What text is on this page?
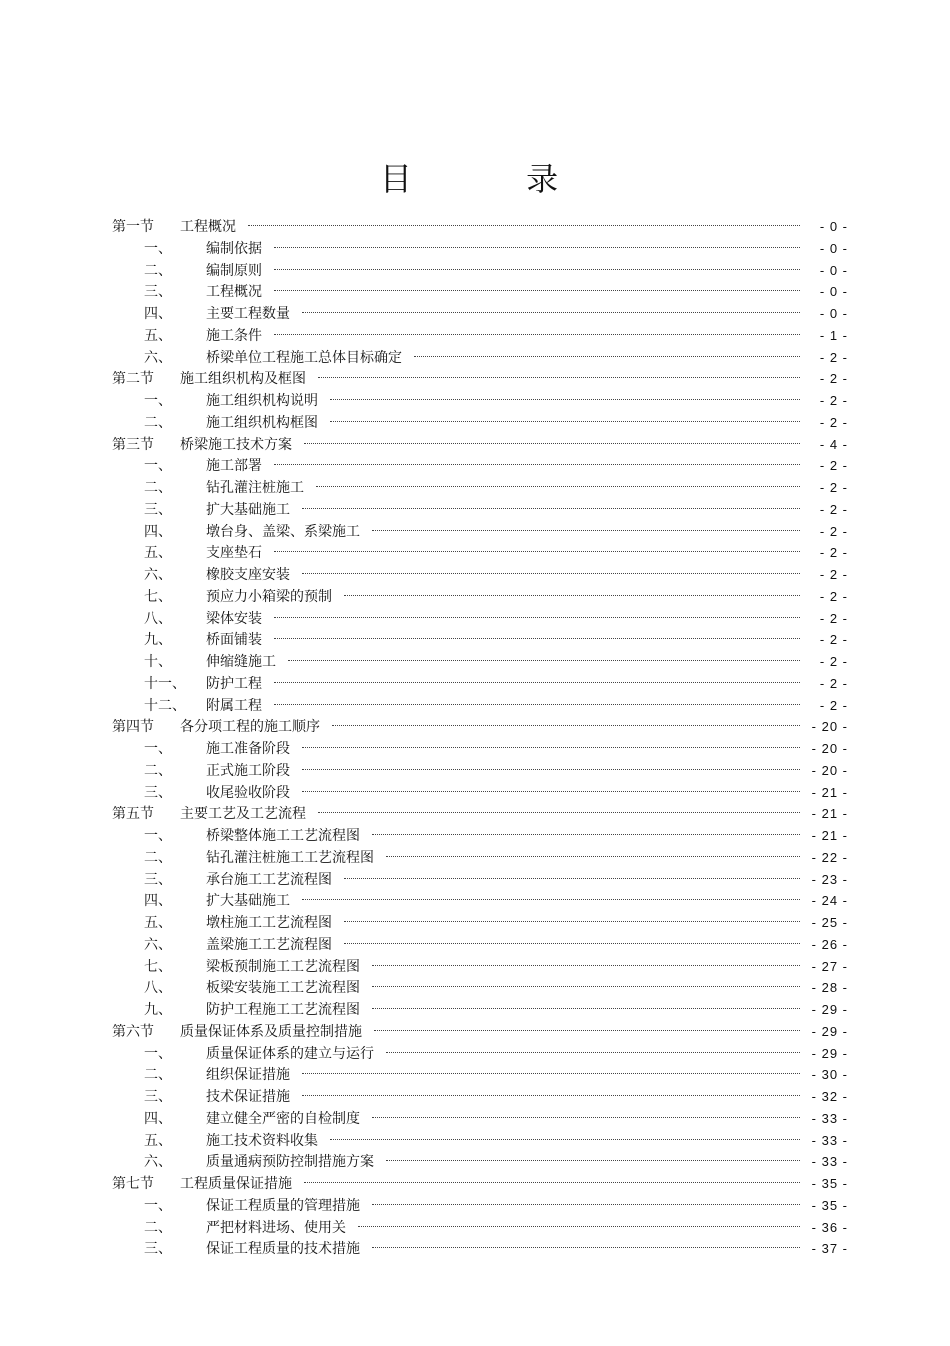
目 录
第一节	工程概况	- 0 -
一、	编制依据	- 0 -
二、	编制原则	- 0 -
三、	工程概况	- 0 -
四、	主要工程数量	- 0 -
五、	施工条件	- 1 -
六、	桥梁单位工程施工总体目标确定	- 2 -
第二节	施工组织机构及框图	- 2 -
一、	施工组织机构说明	- 2 -
二、	施工组织机构框图	- 2 -
第三节	桥梁施工技术方案	- 4 -
一、	施工部署	- 2 -
二、	钻孔灌注桩施工	- 2 -
三、	扩大基础施工	- 2 -
四、	墩台身、盖梁、系梁施工	- 2 -
五、	支座垫石	- 2 -
六、	橡胶支座安装	- 2 -
七、	预应力小箱梁的预制	- 2 -
八、	梁体安装	- 2 -
九、	桥面铺装	- 2 -
十、	伸缩缝施工	- 2 -
十一、	防护工程	- 2 -
十二、	附属工程	- 2 -
第四节	各分项工程的施工顺序	- 20 -
一、	施工准备阶段	- 20 -
二、	正式施工阶段	- 20 -
三、	收尾验收阶段	- 21 -
第五节	主要工艺及工艺流程	- 21 -
一、	桥梁整体施工工艺流程图	- 21 -
二、	钻孔灌注桩施工工艺流程图	- 22 -
三、	承台施工工艺流程图	- 23 -
四、	扩大基础施工	- 24 -
五、	墩柱施工工艺流程图	- 25 -
六、	盖梁施工工艺流程图	- 26 -
七、	梁板预制施工工艺流程图	- 27 -
八、	板梁安装施工工艺流程图	- 28 -
九、	防护工程施工工艺流程图	- 29 -
第六节	质量保证体系及质量控制措施	- 29 -
一、	质量保证体系的建立与运行	- 29 -
二、	组织保证措施	- 30 -
三、	技术保证措施	- 32 -
四、	建立健全严密的自检制度	- 33 -
五、	施工技术资料收集	- 33 -
六、	质量通病预防控制措施方案	- 33 -
第七节	工程质量保证措施	- 35 -
一、	保证工程质量的管理措施	- 35 -
二、	严把材料进场、使用关	- 36 -
三、	保证工程质量的技术措施	- 37 -
